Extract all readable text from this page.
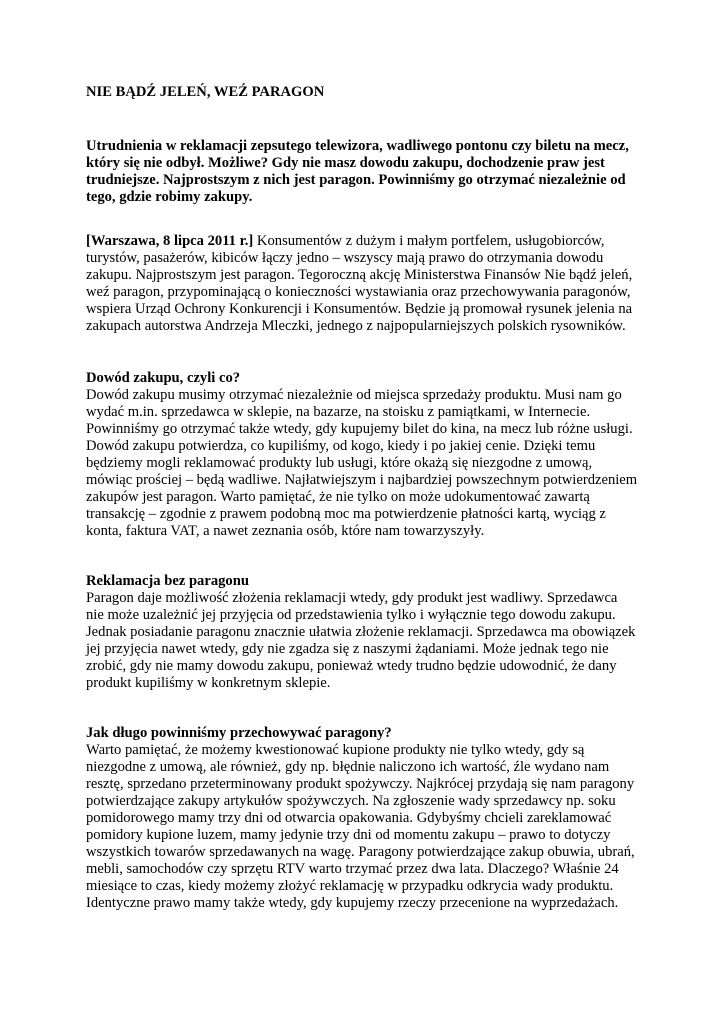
NIE BĄDŹ JELEŃ, WEŹ PARAGON

Utrudnienia w reklamacji zepsutego telewizora, wadliwego pontonu czy biletu na mecz, który się nie odbył. Możliwe? Gdy nie masz dowodu zakupu, dochodzenie praw jest trudniejsze. Najprostszym z nich jest paragon. Powinniśmy go otrzymać niezależnie od tego, gdzie robimy zakupy.

[Warszawa, 8 lipca 2011 r.] Konsumentów z dużym i małym portfelem, usługobiorców, turystów, pasażerów, kibiców łączy jedno – wszyscy mają prawo do otrzymania dowodu zakupu. Najprostszym jest paragon. Tegoroczną akcję Ministerstwa Finansów Nie bądź jeleń, weź paragon, przypominającą o konieczności wystawiania oraz przechowywania paragonów, wspiera Urząd Ochrony Konkurencji i Konsumentów. Będzie ją promował rysunek jelenia na zakupach autorstwa Andrzeja Mleczki, jednego z najpopularniejszych polskich rysowników.

Dowód zakupu, czyli co?

Dowód zakupu musimy otrzymać niezależnie od miejsca sprzedaży produktu. Musi nam go wydać m.in. sprzedawca w sklepie, na bazarze, na stoisku z pamiątkami, w Internecie. Powinniśmy go otrzymać także wtedy, gdy kupujemy bilet do kina, na mecz lub różne usługi. Dowód zakupu potwierdza, co kupiliśmy, od kogo, kiedy i po jakiej cenie. Dzięki temu będziemy mogli reklamować produkty lub usługi, które okażą się niezgodne z umową, mówiąc prościej – będą wadliwe. Najłatwiejszym i najbardziej powszechnym potwierdzeniem zakupów jest paragon. Warto pamiętać, że nie tylko on może udokumentować zawartą transakcję – zgodnie z prawem podobną moc ma potwierdzenie płatności kartą, wyciąg z konta, faktura VAT, a nawet zeznania osób, które nam towarzyszyły.

Reklamacja bez paragonu

Paragon daje możliwość złożenia reklamacji wtedy, gdy produkt jest wadliwy. Sprzedawca nie może uzależnić jej przyjęcia od przedstawienia tylko i wyłącznie tego dowodu zakupu. Jednak posiadanie paragonu znacznie ułatwia złożenie reklamacji. Sprzedawca ma obowiązek jej przyjęcia nawet wtedy, gdy nie zgadza się z naszymi żądaniami. Może jednak tego nie zrobić, gdy nie mamy dowodu zakupu, ponieważ wtedy trudno będzie udowodnić, że dany produkt kupiliśmy w konkretnym sklepie.

Jak długo powinniśmy przechowywać paragony?

Warto pamiętać, że możemy kwestionować kupione produkty nie tylko wtedy, gdy są niezgodne z umową, ale również, gdy np. błędnie naliczono ich wartość, źle wydano nam resztę, sprzedano przeterminowany produkt spożywczy. Najkrócej przydają się nam paragony potwierdzające zakupy artykułów spożywczych. Na zgłoszenie wady sprzedawcy np. soku pomidorowego mamy trzy dni od otwarcia opakowania. Gdybyśmy chcieli zareklamować pomidory kupione luzem, mamy jedynie trzy dni od momentu zakupu – prawo to dotyczy wszystkich towarów sprzedawanych na wagę. Paragony potwierdzające zakup obuwia, ubrań, mebli, samochodów czy sprzętu RTV warto trzymać przez dwa lata. Dlaczego? Właśnie 24 miesiące to czas, kiedy możemy złożyć reklamację w przypadku odkrycia wady produktu. Identyczne prawo mamy także wtedy, gdy kupujemy rzeczy przecenione na wyprzedażach.
